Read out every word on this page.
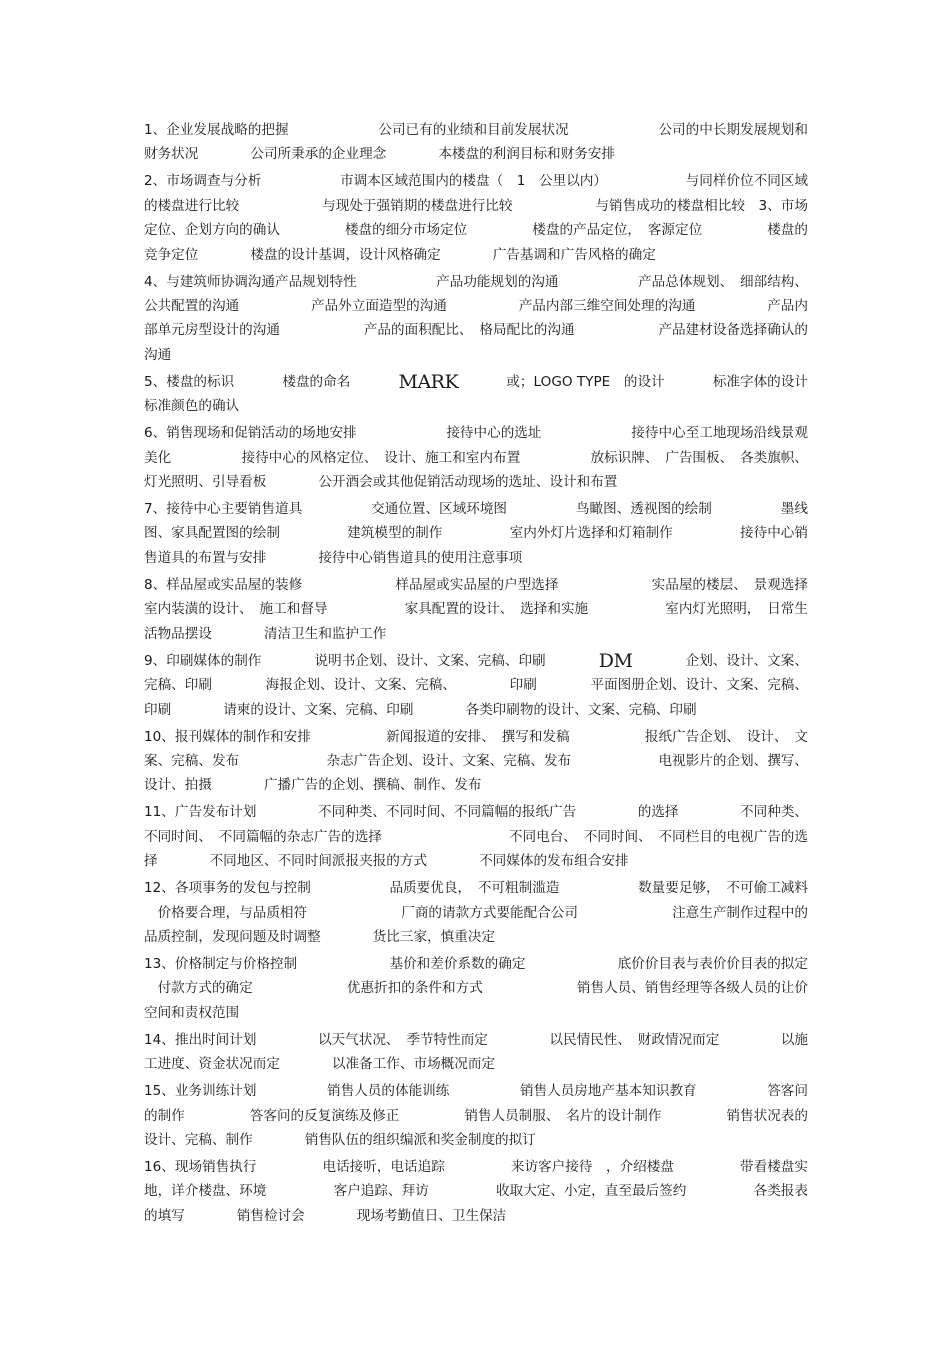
1、企业发展战略的把握	公司已有的业绩和目前发展状况	公司的中长期发展规划和
财务状况	公司所秉承的企业理念	本楼盘的利润目标和财务安排
2、市场调查与分析	市调本区域范围内的楼盘（　1　公里以内）	与同样价位不同区域
的楼盘进行比较	与现处于强销期的楼盘进行比较	与销售成功的楼盘相比较　3、市场
定位、企划方向的确认	楼盘的细分市场定位	楼盘的产品定位，　客源定位	楼盘的
竞争定位	楼盘的设计基调，设计风格确定	广告基调和广告风格的确定
4、与建筑师协调沟通产品规划特性	产品功能规划的沟通	产品总体规划、　细部结构、
公共配置的沟通	产品外立面造型的沟通	产品内部三维空间处理的沟通	产品内
部单元房型设计的沟通	产品的面积配比、　格局配比的沟通	产品建材设备选择确认的
沟通
5、楼盘的标识	楼盘的命名	MARK	或；LOGO TYPE　的设计	标准字体的设计
标准颜色的确认
6、销售现场和促销活动的场地安排	接待中心的选址	接待中心至工地现场沿线景观
美化	接待中心的风格定位、　设计、施工和室内布置	放标识牌、　广告围板、　各类旗帜、
灯光照明、引导看板	公开酒会或其他促销活动现场的选址、设计和布置
7、接待中心主要销售道具	交通位置、区域环境图	鸟瞰图、透视图的绘制	墨线
图、家具配置图的绘制	建筑模型的制作	室内外灯片选择和灯箱制作	接待中心销
售道具的布置与安排	接待中心销售道具的使用注意事项
8、样品屋或实品屋的装修	样品屋或实品屋的户型选择	实品屋的楼层、　景观选择
室内装潢的设计、　施工和督导	家具配置的设计、　选择和实施	室内灯光照明，　日常生
活物品摆设	清洁卫生和监护工作
9、印刷媒体的制作	说明书企划、设计、文案、完稿、印刷	DM	企划、设计、文案、
完稿、印刷	海报企划、设计、文案、完稿、	印刷	平面图册企划、设计、文案、完稿、
印刷	请柬的设计、文案、完稿、印刷	各类印刷物的设计、文案、完稿、印刷
10、报刊媒体的制作和安排	新闻报道的安排、　撰写和发稿	报纸广告企划、　设计、　文
案、完稿、发布	杂志广告企划、设计、文案、完稿、发布	电视影片的企划、撰写、
设计、拍摄	广播广告的企划、撰稿、制作、发布
11、广告发布计划	不同种类、不同时间、不同篇幅的报纸广告	的选择	不同种类、
不同时间、　不同篇幅的杂志广告的选择	不同电台、　不同时间、　不同栏目的电视广告的选
择	不同地区、不同时间派报夹报的方式	不同媒体的发布组合安排
12、各项事务的发包与控制	品质要优良，　不可粗制滥造	数量要足够，　不可偷工减料
　价格要合理，与品质相符	厂商的请款方式要能配合公司	注意生产制作过程中的
品质控制，发现问题及时调整	货比三家，慎重决定
13、价格制定与价格控制	基价和差价系数的确定	底价价目表与表价价目表的拟定
　付款方式的确定	优惠折扣的条件和方式	销售人员、销售经理等各级人员的让价
空间和责权范围
14、推出时间计划	以天气状况、　季节特性而定	以民情民性、　财政情况而定	以施
工进度、资金状况而定	以准备工作、市场概况而定
15、业务训练计划	销售人员的体能训练	销售人员房地产基本知识教育	答客问
的制作	答客问的反复演练及修正	销售人员制服、　名片的设计制作	销售状况表的
设计、完稿、制作	销售队伍的组织编派和奖金制度的拟订
16、现场销售执行	电话接听，电话追踪	来访客户接待　，介绍楼盘	带看楼盘实
地，详介楼盘、环境	客户追踪、拜访	收取大定、小定，直至最后签约	各类报表
的填写	销售检讨会	现场考勤值日、卫生保洁
